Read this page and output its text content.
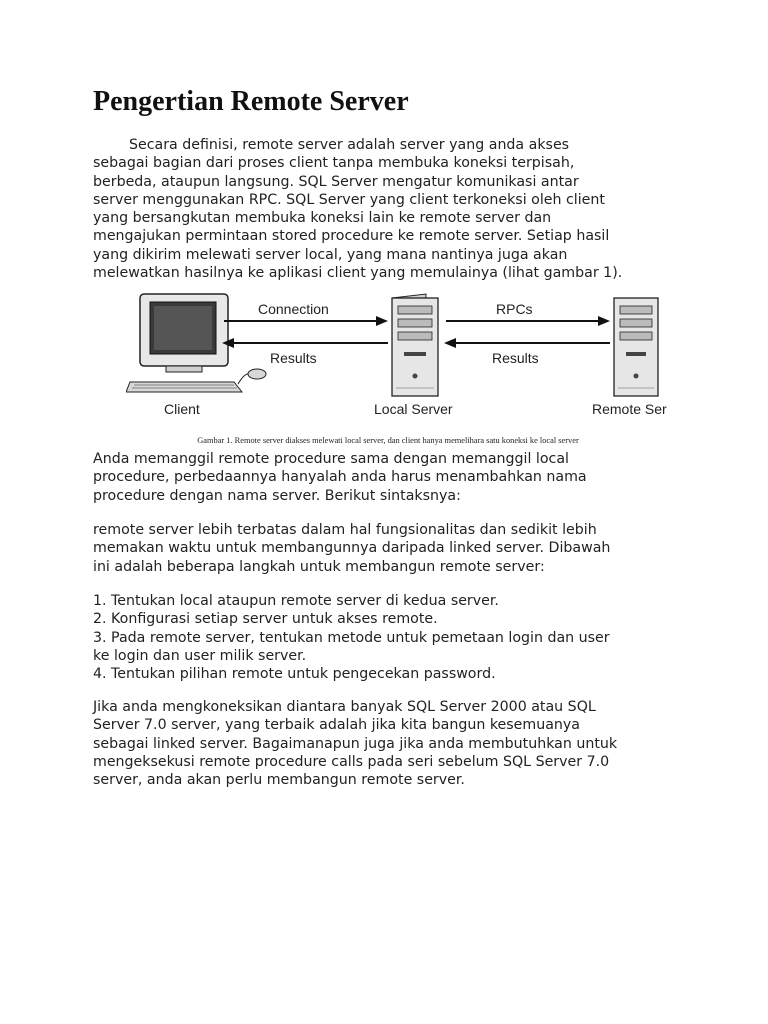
Pengertian Remote Server

Secara definisi, remote server adalah server yang anda akses
sebagai bagian dari proses client tanpa membuka koneksi terpisah,
berbeda, ataupun langsung. SQL Server mengatur komunikasi antar
server menggunakan RPC. SQL Server yang client terkoneksi oleh client
yang bersangkutan membuka koneksi lain ke remote server dan
mengajukan permintaan stored procedure ke remote server. Setiap hasil
yang dikirim melewati server local, yang mana nantinya juga akan
melewatkan hasilnya ke aplikasi client yang memulainya (lihat gambar 1).

Client
Connection
Results
Local Server
RPCs
Results
Remote Ser
Gambar 1. Remote server diakses melewati local server, dan client hanya memelihara satu koneksi ke local server

Anda memanggil remote procedure sama dengan memanggil local
procedure, perbedaannya hanyalah anda harus menambahkan nama
procedure dengan nama server. Berikut sintaksnya:

remote server lebih terbatas dalam hal fungsionalitas dan sedikit lebih
memakan waktu untuk membangunnya daripada linked server. Dibawah
ini adalah beberapa langkah untuk membangun remote server:

1. Tentukan local ataupun remote server di kedua server.
2. Konfigurasi setiap server untuk akses remote.
3. Pada remote server, tentukan metode untuk pemetaan login dan user
ke login dan user milik server.
4. Tentukan pilihan remote untuk pengecekan password.

Jika anda mengkoneksikan diantara banyak SQL Server 2000 atau SQL
Server 7.0 server, yang terbaik adalah jika kita bangun kesemuanya
sebagai linked server. Bagaimanapun juga jika anda membutuhkan untuk
mengeksekusi remote procedure calls pada seri sebelum SQL Server 7.0
server, anda akan perlu membangun remote server.
